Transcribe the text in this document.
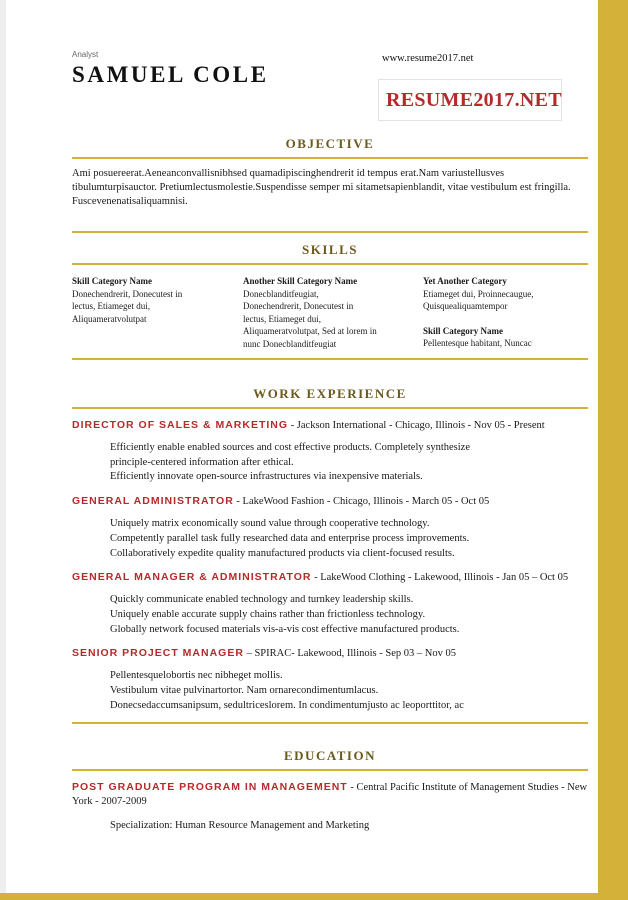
www.resume2017.net
RESUME2017.NET

Analyst

SAMUEL COLE
OBJECTIVE

Ami posuereerat.Aeneanconvallisnibhsed quamadipiscinghendrerit id tempus erat.Nam variustellusves tibulumturpisauctor. Pretiumlectusmolestie.Suspendisse semper mi sitametsapienblandit, vitae vestibulum est fringilla. Fuscevenenatisaliquamnisi.

SKILLS
Skill Category Name
Donechendrerit, Donecutest in
lectus, Etiameget dui,
Aliquameratvolutpat
Another Skill Category Name
Donecblanditfeugiat,
Donechendrerit, Donecutest in
lectus, Etiameget dui,
Aliquameratvolutpat, Sed at lorem in
nunc Donecblanditfeugiat
Yet Another Category
Etiameget dui, Proinnecaugue,
Quisquealiquamtempor
Skill Category Name
Pellentesque habitant, Nuncac
WORK EXPERIENCE
DIRECTOR OF SALES & MARKETING - Jackson International - Chicago, Illinois - Nov 05 - Present
Efficiently enable enabled sources and cost effective products. Completely synthesize
principle-centered information after ethical.
Efficiently innovate open-source infrastructures via inexpensive materials.
GENERAL ADMINISTRATOR - LakeWood Fashion - Chicago, Illinois - March 05 - Oct 05
Uniquely matrix economically sound value through cooperative technology.
Competently parallel task fully researched data and enterprise process improvements.
Collaboratively expedite quality manufactured products via client-focused results.
GENERAL MANAGER & ADMINISTRATOR - LakeWood Clothing - Lakewood, Illinois - Jan 05 – Oct 05
Quickly communicate enabled technology and turnkey leadership skills.
Uniquely enable accurate supply chains rather than frictionless technology.
Globally network focused materials vis-a-vis cost effective manufactured products.
SENIOR PROJECT MANAGER – SPIRAC- Lakewood, Illinois - Sep 03 – Nov 05
Pellentesquelobortis nec nibheget mollis.
Vestibulum vitae pulvinartortor. Nam ornarecondimentumlacus.
Donecsedaccumsanipsum, sedultriceslorem. In condimentumjusto ac leoporttitor, ac
EDUCATION
POST GRADUATE PROGRAM IN MANAGEMENT - Central Pacific Institute of Management Studies - New York - 2007-2009
Specialization: Human Resource Management and Marketing
